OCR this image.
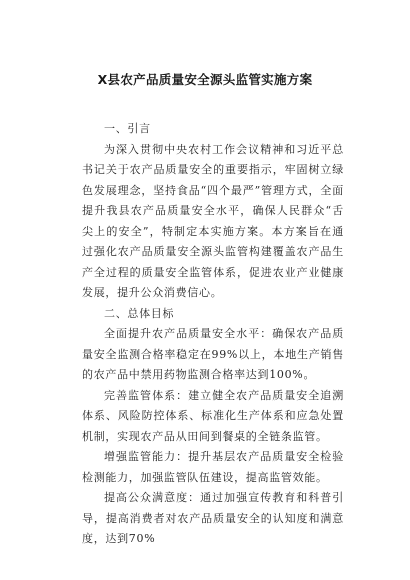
X县农产品质量安全源头监管实施方案

一、引言

为深入贯彻中央农村工作会议精神和习近平总书记关于农产品质量安全的重要指示，牢固树立绿色发展理念，坚持食品“四个最严”管理方式，全面提升我县农产品质量安全水平，确保人民群众“舌尖上的安全”，特制定本实施方案。本方案旨在通过强化农产品质量安全源头监管构建覆盖农产品生产全过程的质量安全监管体系，促进农业产业健康发展，提升公众消费信心。

二、总体目标

全面提升农产品质量安全水平：确保农产品质量安全监测合格率稳定在99%以上，本地生产销售的农产品中禁用药物监测合格率达到100%。

完善监管体系：建立健全农产品质量安全追溯体系、风险防控体系、标准化生产体系和应急处置机制，实现农产品从田间到餐桌的全链条监管。

增强监管能力：提升基层农产品质量安全检验检测能力，加强监管队伍建设，提高监管效能。

提高公众满意度：通过加强宣传教育和科普引导，提高消费者对农产品质量安全的认知度和满意度，达到70%
